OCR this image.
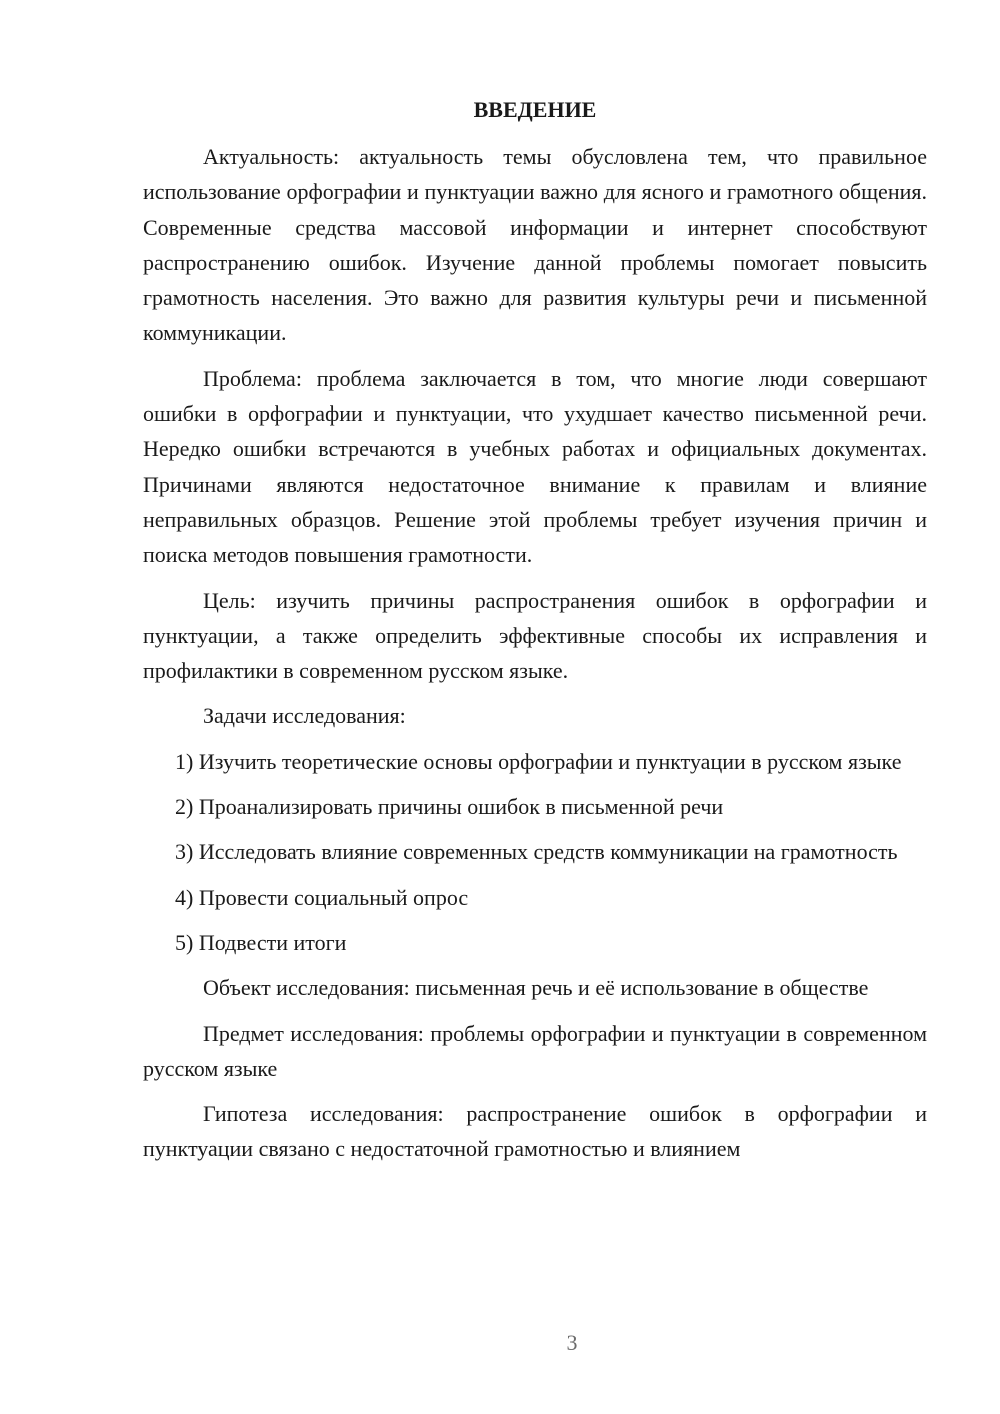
ВВЕДЕНИЕ

Актуальность: актуальность темы обусловлена тем, что правильное использование орфографии и пунктуации важно для ясного и грамотного общения. Современные средства массовой информации и интернет способствуют распространению ошибок. Изучение данной проблемы помогает повысить грамотность населения. Это важно для развития культуры речи и письменной коммуникации.

Проблема: проблема заключается в том, что многие люди совершают ошибки в орфографии и пунктуации, что ухудшает качество письменной речи. Нередко ошибки встречаются в учебных работах и официальных документах. Причинами являются недостаточное внимание к правилам и влияние неправильных образцов. Решение этой проблемы требует изучения причин и поиска методов повышения грамотности.

Цель: изучить причины распространения ошибок в орфографии и пунктуации, а также определить эффективные способы их исправления и профилактики в современном русском языке.

Задачи исследования:

1) Изучить теоретические основы орфографии и пунктуации в русском языке

2) Проанализировать причины ошибок в письменной речи

3) Исследовать влияние современных средств коммуникации на грамотность

4) Провести социальный опрос

5) Подвести итоги

Объект исследования: письменная речь и её использование в обществе

Предмет исследования: проблемы орфографии и пунктуации в современном русском языке

Гипотеза исследования: распространение ошибок в орфографии и пунктуации связано с недостаточной грамотностью и влиянием

3
